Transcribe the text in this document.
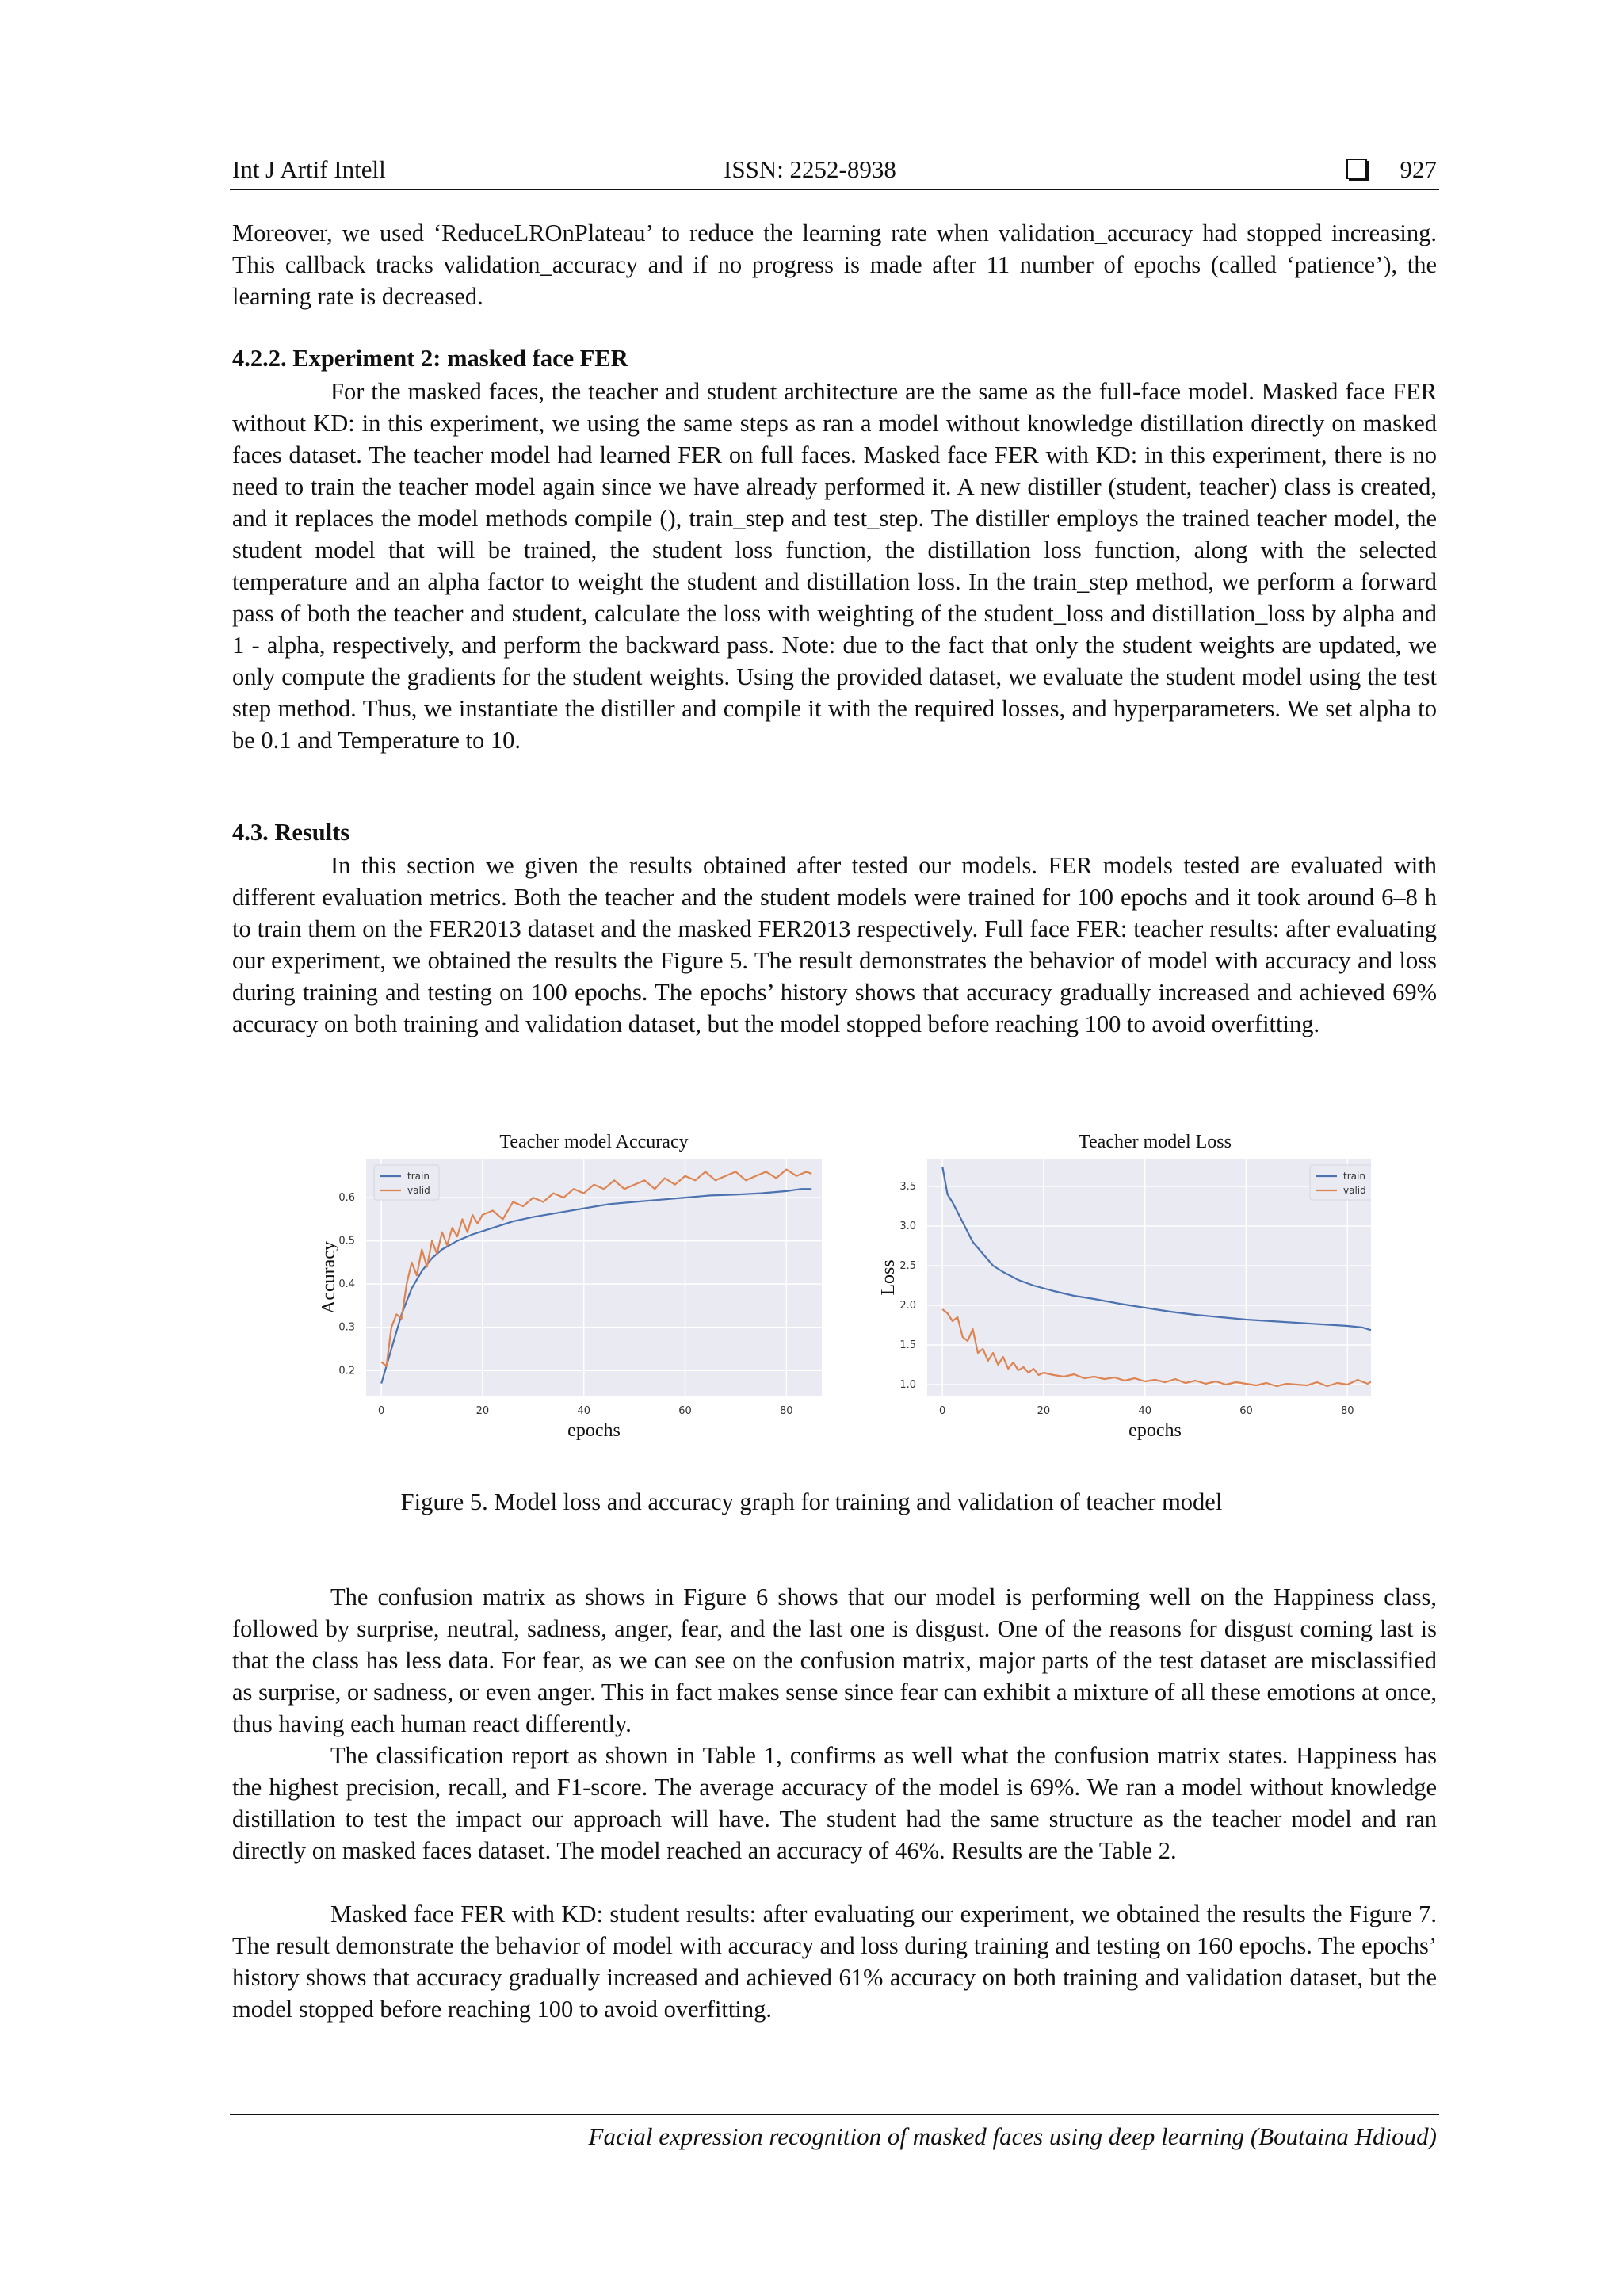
Int J Artif Intell	ISSN: 2252-8938	927

Moreover, we used ‘ReduceLROnPlateau’ to reduce the learning rate when validation_accuracy had stopped increasing. This callback tracks validation_accuracy and if no progress is made after 11 number of epochs (called ‘patience’), the learning rate is decreased.

4.2.2. Experiment 2: masked face FER

For the masked faces, the teacher and student architecture are the same as the full-face model. Masked face FER without KD: in this experiment, we using the same steps as ran a model without knowledge distillation directly on masked faces dataset. The teacher model had learned FER on full faces. Masked face FER with KD: in this experiment, there is no need to train the teacher model again since we have already performed it. A new distiller (student, teacher) class is created, and it replaces the model methods compile (), train_step and test_step. The distiller employs the trained teacher model, the student model that will be trained, the student loss function, the distillation loss function, along with the selected temperature and an alpha factor to weight the student and distillation loss. In the train_step method, we perform a forward pass of both the teacher and student, calculate the loss with weighting of the student_loss and distillation_loss by alpha and 1 - alpha, respectively, and perform the backward pass. Note: due to the fact that only the student weights are updated, we only compute the gradients for the student weights. Using the provided dataset, we evaluate the student model using the test step method. Thus, we instantiate the distiller and compile it with the required losses, and hyperparameters. We set alpha to be 0.1 and Temperature to 10.

4.3. Results

In this section we given the results obtained after tested our models. FER models tested are evaluated with different evaluation metrics. Both the teacher and the student models were trained for 100 epochs and it took around 6–8 h to train them on the FER2013 dataset and the masked FER2013 respectively. Full face FER: teacher results: after evaluating our experiment, we obtained the results the Figure 5. The result demonstrates the behavior of model with accuracy and loss during training and testing on 100 epochs. The epochs’ history shows that accuracy gradually increased and achieved 69% accuracy on both training and validation dataset, but the model stopped before reaching 100 to avoid overfitting.

Teacher model Accuracy
0	20	40	60	80
0.2
0.3
0.4
0.5
0.6
epochs
Accuracy
train
valid
Teacher model Loss
0	20	40	60	80
1.0
1.5
2.0
2.5
3.0
3.5
epochs
Loss
train
valid
Figure 5. Model loss and accuracy graph for training and validation of teacher model

The confusion matrix as shows in Figure 6 shows that our model is performing well on the Happiness class, followed by surprise, neutral, sadness, anger, fear, and the last one is disgust. One of the reasons for disgust coming last is that the class has less data. For fear, as we can see on the confusion matrix, major parts of the test dataset are misclassified as surprise, or sadness, or even anger. This in fact makes sense since fear can exhibit a mixture of all these emotions at once, thus having each human react differently.

The classification report as shown in Table 1, confirms as well what the confusion matrix states. Happiness has the highest precision, recall, and F1-score. The average accuracy of the model is 69%. We ran a model without knowledge distillation to test the impact our approach will have. The student had the same structure as the teacher model and ran directly on masked faces dataset. The model reached an accuracy of 46%. Results are the Table 2.

Masked face FER with KD: student results: after evaluating our experiment, we obtained the results the Figure 7. The result demonstrate the behavior of model with accuracy and loss during training and testing on 160 epochs. The epochs’ history shows that accuracy gradually increased and achieved 61% accuracy on both training and validation dataset, but the model stopped before reaching 100 to avoid overfitting.

Facial expression recognition of masked faces using deep learning (Boutaina Hdioud)
